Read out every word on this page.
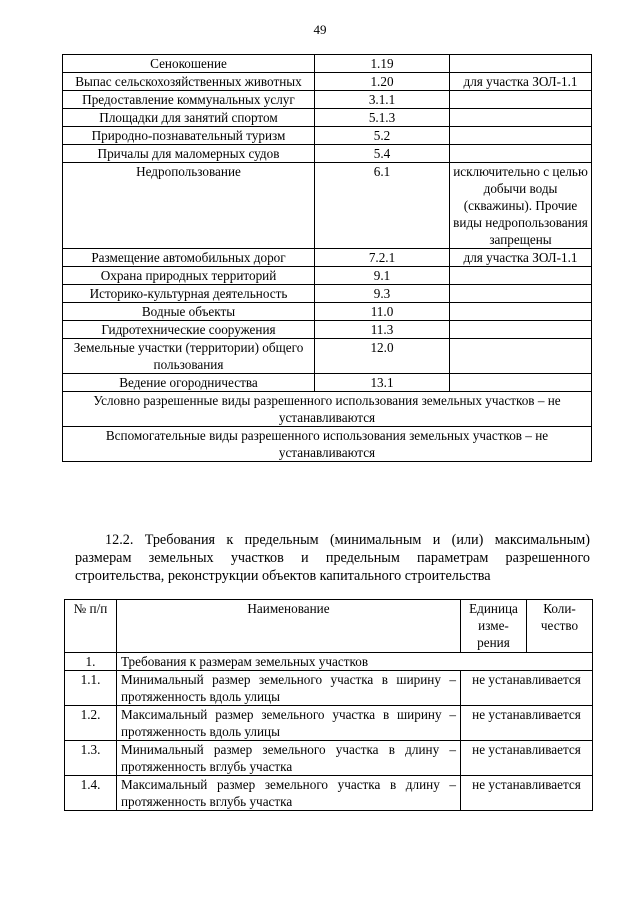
49
Сенокошение	1.19	
Выпас сельскохозяйственных животных	1.20	для участка ЗОЛ-1.1
Предоставление коммунальных услуг	3.1.1	
Площадки для занятий спортом	5.1.3	
Природно-познавательный туризм	5.2	
Причалы для маломерных судов	5.4	
Недропользование	6.1	исключительно с целью добычи воды (скважины). Прочие виды недропользования запрещены
Размещение автомобильных дорог	7.2.1	для участка ЗОЛ-1.1
Охрана природных территорий	9.1	
Историко-культурная деятельность	9.3	
Водные объекты	11.0	
Гидротехнические сооружения	11.3	
Земельные участки (территории) общего пользования	12.0	
Ведение огородничества	13.1	
Условно разрешенные виды разрешенного использования земельных участков – не устанавливаются		
Вспомогательные виды разрешенного использования земельных участков – не устанавливаются		
12.2. Требования к предельным (минимальным и (или) максимальным)
размерам земельных участков и предельным параметрам разрешенного
строительства, реконструкции объектов капитального строительства
№ п/п	Наименование	Единица изме-рения	Коли-чество
1.	Требования к размерам земельных участков		
1.1.	Минимальный размер земельного участка в ширину – протяженность вдоль улицы	не устанавливается	
1.2.	Максимальный размер земельного участка в ширину – протяженность вдоль улицы	не устанавливается	
1.3.	Минимальный размер земельного участка в длину – протяженность вглубь участка	не устанавливается	
1.4.	Максимальный размер земельного участка в длину – протяженность вглубь участка	не устанавливается	
